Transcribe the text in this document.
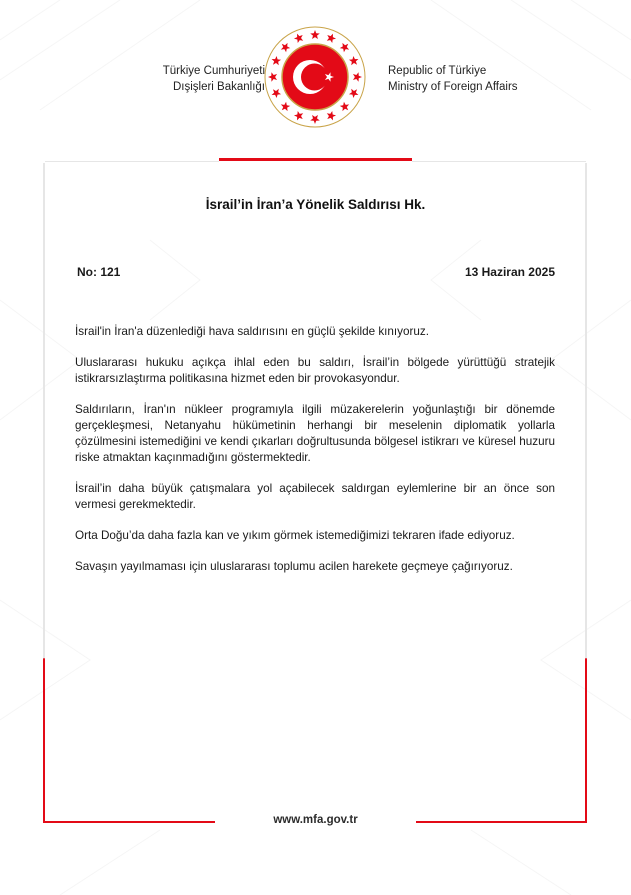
Türkiye Cumhuriyeti
Dışişleri Bakanlığı
Republic of Türkiye
Ministry of Foreign Affairs
İsrail’in İran’a Yönelik Saldırısı Hk.
No: 121	13 Haziran 2025

İsrail'in İran'a düzenlediği hava saldırısını en güçlü şekilde kınıyoruz.

Uluslararası hukuku açıkça ihlal eden bu saldırı, İsrail’in bölgede yürüttüğü stratejik istikrarsızlaştırma politikasına hizmet eden bir provokasyondur.

Saldırıların, İran'ın nükleer programıyla ilgili müzakerelerin yoğunlaştığı bir dönemde gerçekleşmesi, Netanyahu hükümetinin herhangi bir meselenin diplomatik yollarla çözülmesini istemediğini ve kendi çıkarları doğrultusunda bölgesel istikrarı ve küresel huzuru riske atmaktan kaçınmadığını göstermektedir.

İsrail’in daha büyük çatışmalara yol açabilecek saldırgan eylemlerine bir an önce son vermesi gerekmektedir.

Orta Doğu’da daha fazla kan ve yıkım görmek istemediğimizi tekraren ifade ediyoruz.

Savaşın yayılmaması için uluslararası toplumu acilen harekete geçmeye çağırıyoruz.

www.mfa.gov.tr
